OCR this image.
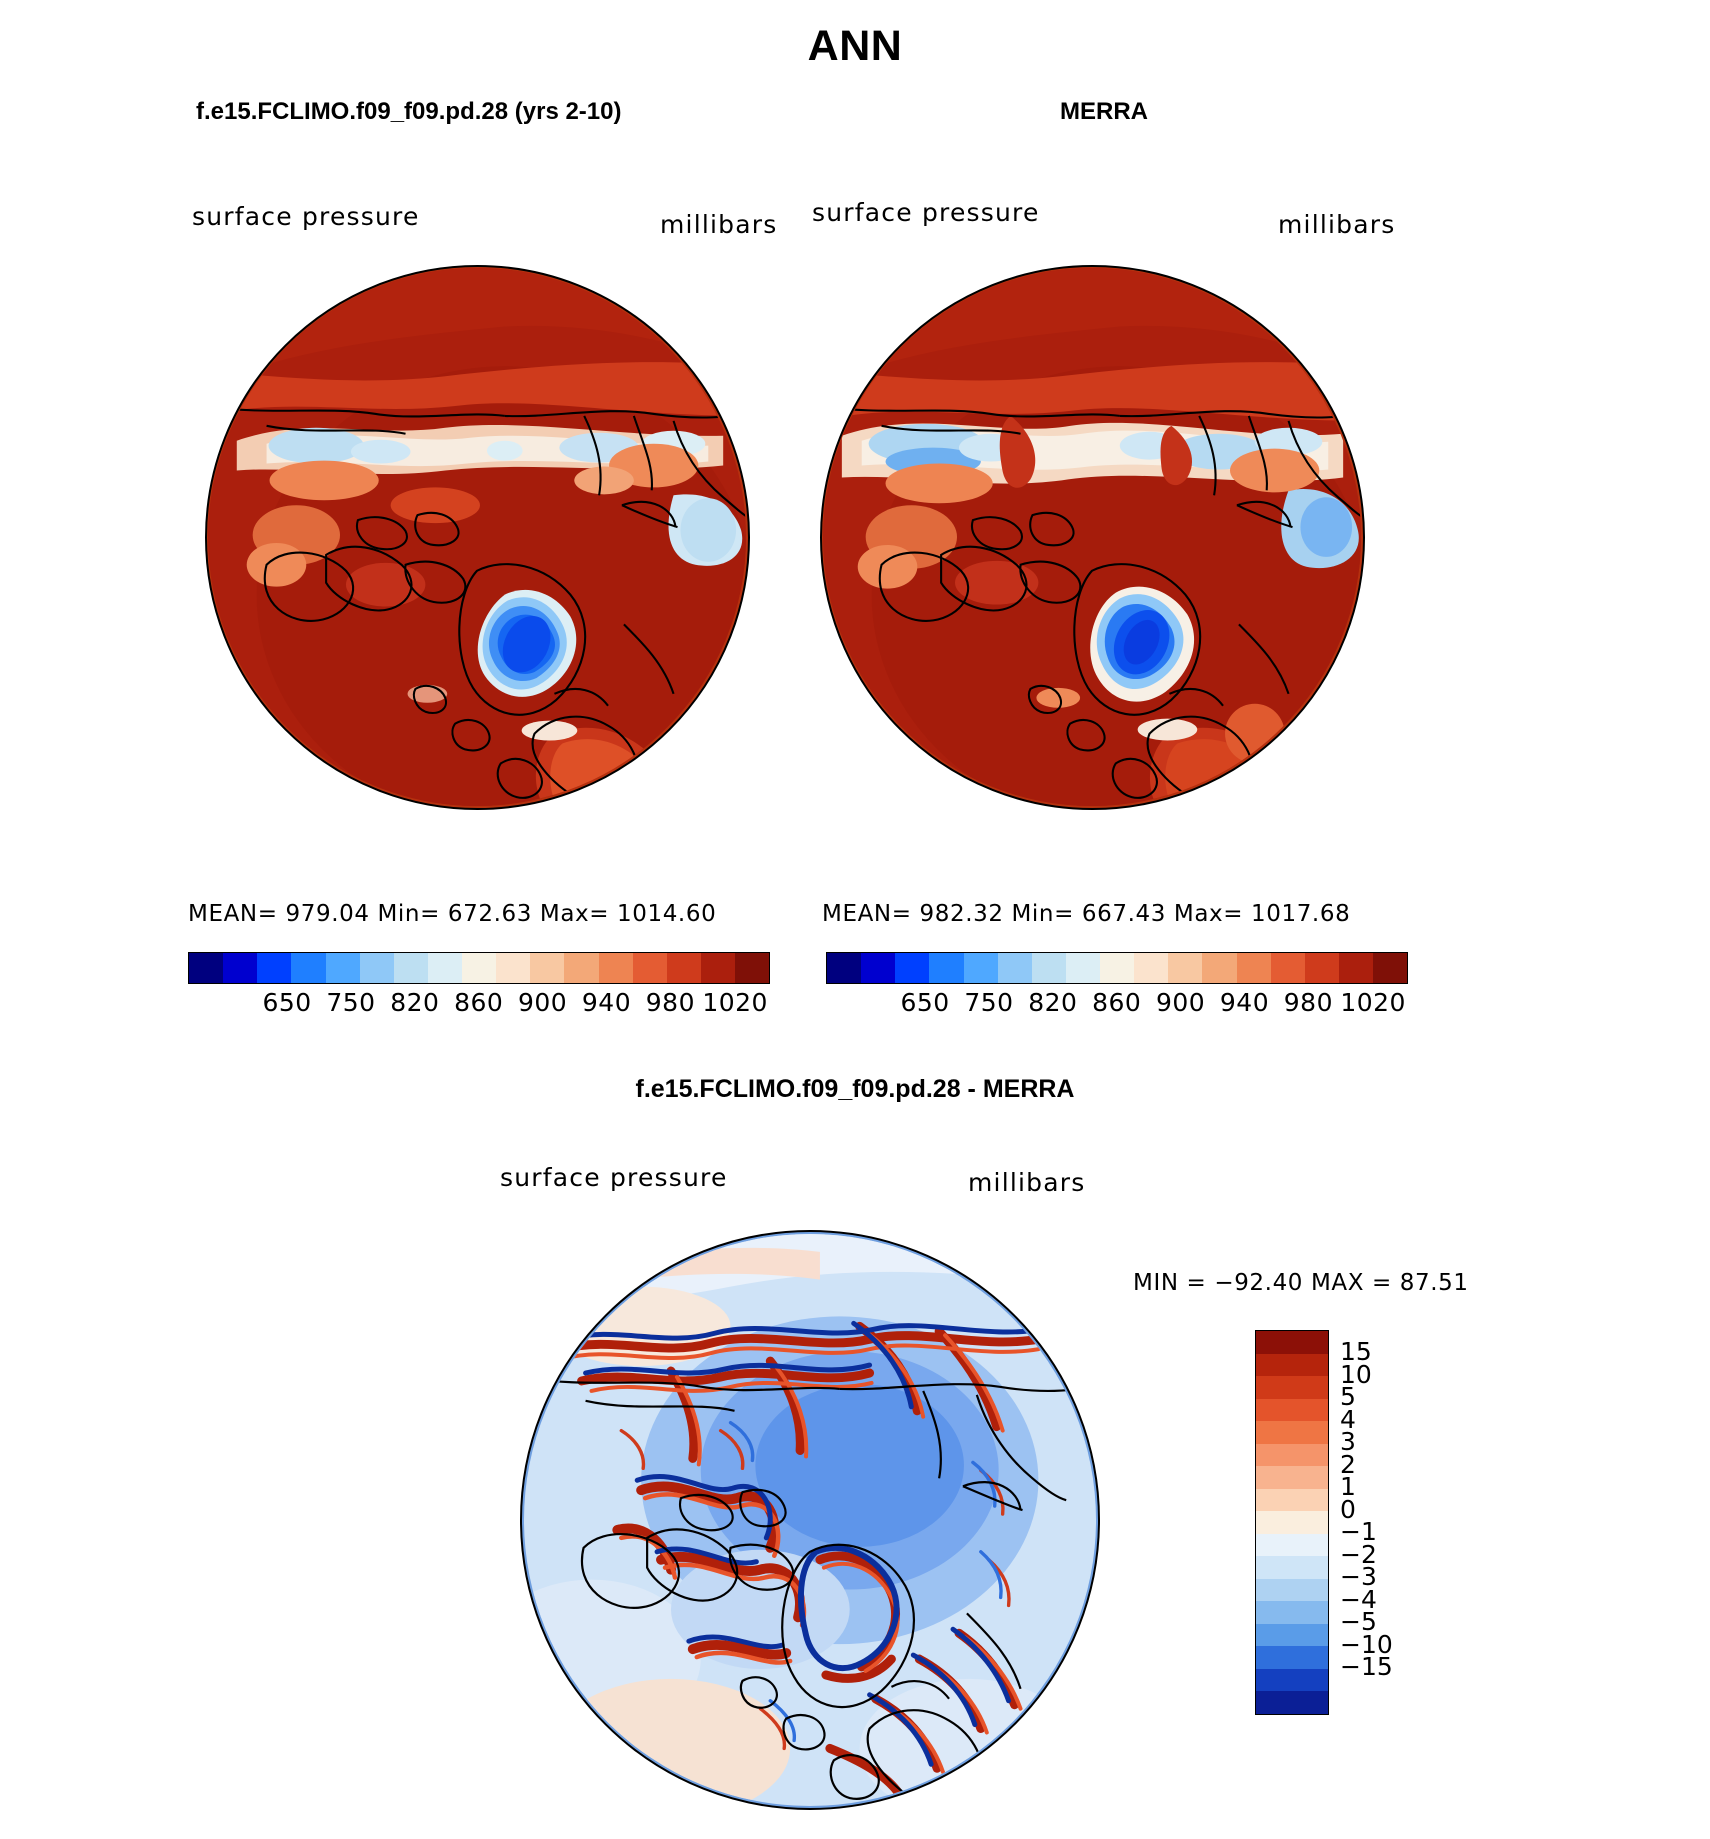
ANN
f.e15.FCLIMO.f09_f09.pd.28 (yrs 2-10)	MERRA
surface pressure	millibars surface pressure	millibars
MEAN= 979.04 Min= 672.63 Max= 1014.60	MEAN= 982.32 Min= 667.43 Max= 1017.68
650 750 820 860 900 940 980 1020	650 750 820 860 900 940 980 1020
f.e15.FCLIMO.f09_f09.pd.28 - MERRA
surface pressure	millibars
MIN = −92.40 MAX = 87.51
15
10
5
4
3
2
1
0
−1
−2
−3
−4
−5
−10
−15
